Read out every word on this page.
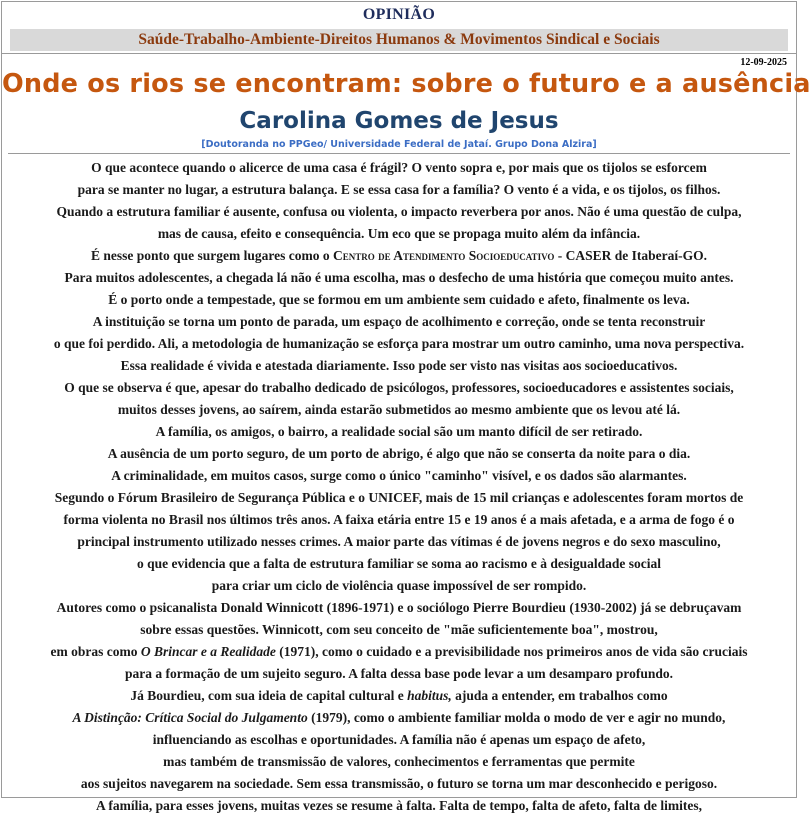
OPINIÃO
Saúde-Trabalho-Ambiente-Direitos Humanos & Movimentos Sindical e Sociais
12-09-2025
Onde os rios se encontram: sobre o futuro e a ausência
Carolina Gomes de Jesus
[Doutoranda no PPGeo/ Universidade Federal de Jataí. Grupo Dona Alzira]
O que acontece quando o alicerce de uma casa é frágil? O vento sopra e, por mais que os tijolos se esforcem
para se manter no lugar, a estrutura balança. E se essa casa for a família? O vento é a vida, e os tijolos, os filhos.
Quando a estrutura familiar é ausente, confusa ou violenta, o impacto reverbera por anos. Não é uma questão de culpa,
mas de causa, efeito e consequência. Um eco que se propaga muito além da infância.
É nesse ponto que surgem lugares como o Centro de Atendimento Socioeducativo - CASER de Itaberaí-GO.
Para muitos adolescentes, a chegada lá não é uma escolha, mas o desfecho de uma história que começou muito antes.
É o porto onde a tempestade, que se formou em um ambiente sem cuidado e afeto, finalmente os leva.
A instituição se torna um ponto de parada, um espaço de acolhimento e correção, onde se tenta reconstruir
o que foi perdido. Ali, a metodologia de humanização se esforça para mostrar um outro caminho, uma nova perspectiva.
Essa realidade é vivida e atestada diariamente. Isso pode ser visto nas visitas aos socioeducativos.
O que se observa é que, apesar do trabalho dedicado de psicólogos, professores, socioeducadores e assistentes sociais,
muitos desses jovens, ao saírem, ainda estarão submetidos ao mesmo ambiente que os levou até lá.
A família, os amigos, o bairro, a realidade social são um manto difícil de ser retirado.
A ausência de um porto seguro, de um porto de abrigo, é algo que não se conserta da noite para o dia.
A criminalidade, em muitos casos, surge como o único "caminho" visível, e os dados são alarmantes.
Segundo o Fórum Brasileiro de Segurança Pública e o UNICEF, mais de 15 mil crianças e adolescentes foram mortos de
forma violenta no Brasil nos últimos três anos. A faixa etária entre 15 e 19 anos é a mais afetada, e a arma de fogo é o
principal instrumento utilizado nesses crimes. A maior parte das vítimas é de jovens negros e do sexo masculino,
o que evidencia que a falta de estrutura familiar se soma ao racismo e à desigualdade social
para criar um ciclo de violência quase impossível de ser rompido.
Autores como o psicanalista Donald Winnicott (1896-1971) e o sociólogo Pierre Bourdieu (1930-2002) já se debruçavam
sobre essas questões. Winnicott, com seu conceito de "mãe suficientemente boa", mostrou,
em obras como O Brincar e a Realidade (1971), como o cuidado e a previsibilidade nos primeiros anos de vida são cruciais
para a formação de um sujeito seguro. A falta dessa base pode levar a um desamparo profundo.
Já Bourdieu, com sua ideia de capital cultural e habitus, ajuda a entender, em trabalhos como
A Distinção: Crítica Social do Julgamento (1979), como o ambiente familiar molda o modo de ver e agir no mundo,
influenciando as escolhas e oportunidades. A família não é apenas um espaço de afeto,
mas também de transmissão de valores, conhecimentos e ferramentas que permite
aos sujeitos navegarem na sociedade. Sem essa transmissão, o futuro se torna um mar desconhecido e perigoso.
A família, para esses jovens, muitas vezes se resume à falta. Falta de tempo, falta de afeto, falta de limites,
